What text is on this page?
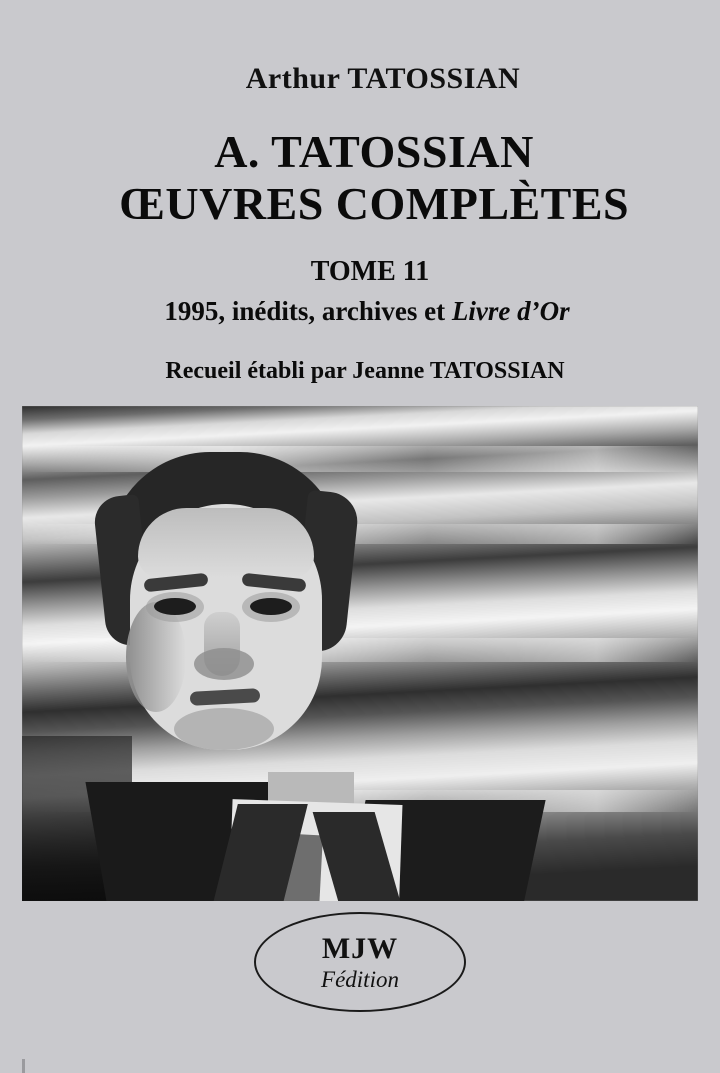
Arthur TATOSSIAN
A. TATOSSIAN
ŒUVRES COMPLÈTES
TOME 11
1995, inédits, archives et Livre d’Or
Recueil établi par Jeanne TATOSSIAN
MJW
Fédition
